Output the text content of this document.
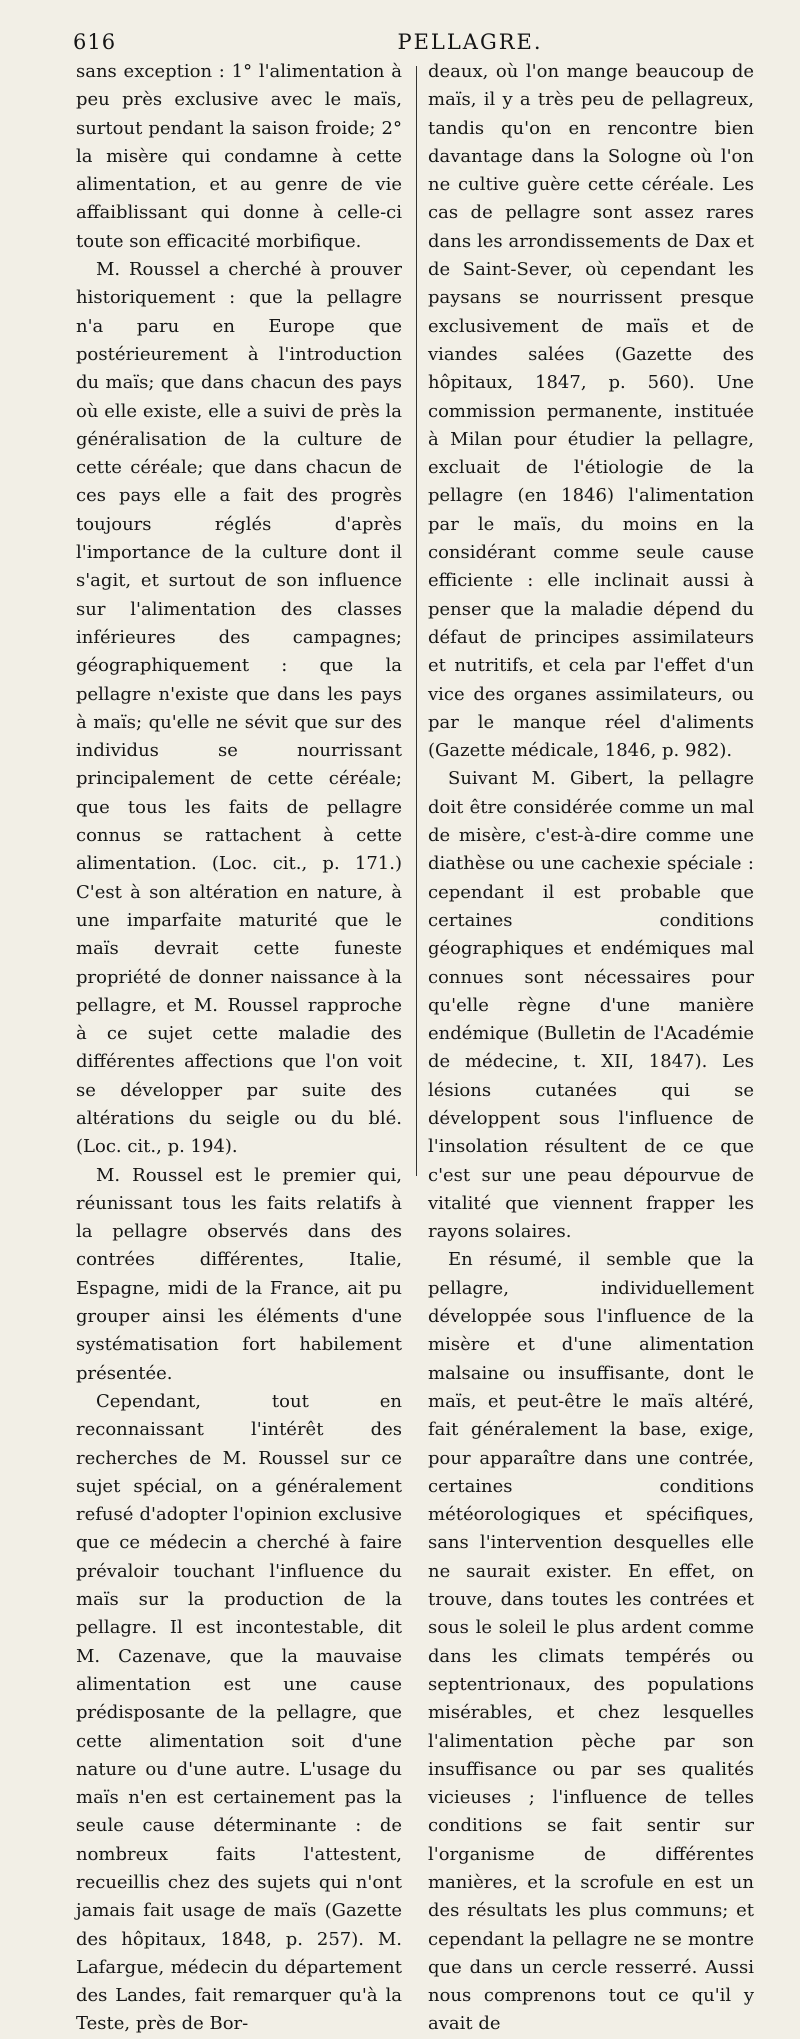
616	PELLAGRE.

sans exception : 1° l'alimentation à peu près exclusive avec le maïs, surtout pendant la saison froide; 2° la misère qui condamne à cette alimentation, et au genre de vie affaiblissant qui donne à celle-ci toute son efficacité morbifique.

M. Roussel a cherché à prouver historiquement : que la pellagre n'a paru en Europe que postérieurement à l'introduction du maïs; que dans chacun des pays où elle existe, elle a suivi de près la généralisation de la culture de cette céréale; que dans chacun de ces pays elle a fait des progrès toujours réglés d'après l'importance de la culture dont il s'agit, et surtout de son influence sur l'alimentation des classes inférieures des campagnes; géographiquement : que la pellagre n'existe que dans les pays à maïs; qu'elle ne sévit que sur des individus se nourrissant principalement de cette céréale; que tous les faits de pellagre connus se rattachent à cette alimentation. (Loc. cit., p. 171.) C'est à son altération en nature, à une imparfaite maturité que le maïs devrait cette funeste propriété de donner naissance à la pellagre, et M. Roussel rapproche à ce sujet cette maladie des différentes affections que l'on voit se développer par suite des altérations du seigle ou du blé. (Loc. cit., p. 194).

M. Roussel est le premier qui, réunissant tous les faits relatifs à la pellagre observés dans des contrées différentes, Italie, Espagne, midi de la France, ait pu grouper ainsi les éléments d'une systématisation fort habilement présentée.

Cependant, tout en reconnaissant l'intérêt des recherches de M. Roussel sur ce sujet spécial, on a généralement refusé d'adopter l'opinion exclusive que ce médecin a cherché à faire prévaloir touchant l'influence du maïs sur la production de la pellagre. Il est incontestable, dit M. Cazenave, que la mauvaise alimentation est une cause prédisposante de la pellagre, que cette alimentation soit d'une nature ou d'une autre. L'usage du maïs n'en est certainement pas la seule cause déterminante : de nombreux faits l'attestent, recueillis chez des sujets qui n'ont jamais fait usage de maïs (Gazette des hôpitaux, 1848, p. 257). M. Lafargue, médecin du département des Landes, fait remarquer qu'à la Teste, près de Bor-

deaux, où l'on mange beaucoup de maïs, il y a très peu de pellagreux, tandis qu'on en rencontre bien davantage dans la Sologne où l'on ne cultive guère cette céréale. Les cas de pellagre sont assez rares dans les arrondissements de Dax et de Saint-Sever, où cependant les paysans se nourrissent presque exclusivement de maïs et de viandes salées (Gazette des hôpitaux, 1847, p. 560). Une commission permanente, instituée à Milan pour étudier la pellagre, excluait de l'étiologie de la pellagre (en 1846) l'alimentation par le maïs, du moins en la considérant comme seule cause efficiente : elle inclinait aussi à penser que la maladie dépend du défaut de principes assimilateurs et nutritifs, et cela par l'effet d'un vice des organes assimilateurs, ou par le manque réel d'aliments (Gazette médicale, 1846, p. 982).

Suivant M. Gibert, la pellagre doit être considérée comme un mal de misère, c'est-à-dire comme une diathèse ou une cachexie spéciale : cependant il est probable que certaines conditions géographiques et endémiques mal connues sont nécessaires pour qu'elle règne d'une manière endémique (Bulletin de l'Académie de médecine, t. XII, 1847). Les lésions cutanées qui se développent sous l'influence de l'insolation résultent de ce que c'est sur une peau dépourvue de vitalité que viennent frapper les rayons solaires.

En résumé, il semble que la pellagre, individuellement développée sous l'influence de la misère et d'une alimentation malsaine ou insuffisante, dont le maïs, et peut-être le maïs altéré, fait généralement la base, exige, pour apparaître dans une contrée, certaines conditions météorologiques et spécifiques, sans l'intervention desquelles elle ne saurait exister. En effet, on trouve, dans toutes les contrées et sous le soleil le plus ardent comme dans les climats tempérés ou septentrionaux, des populations misérables, et chez lesquelles l'alimentation pèche par son insuffisance ou par ses qualités vicieuses ; l'influence de telles conditions se fait sentir sur l'organisme de différentes manières, et la scrofule en est un des résultats les plus communs; et cependant la pellagre ne se montre que dans un cercle resserré. Aussi nous comprenons tout ce qu'il y avait de
